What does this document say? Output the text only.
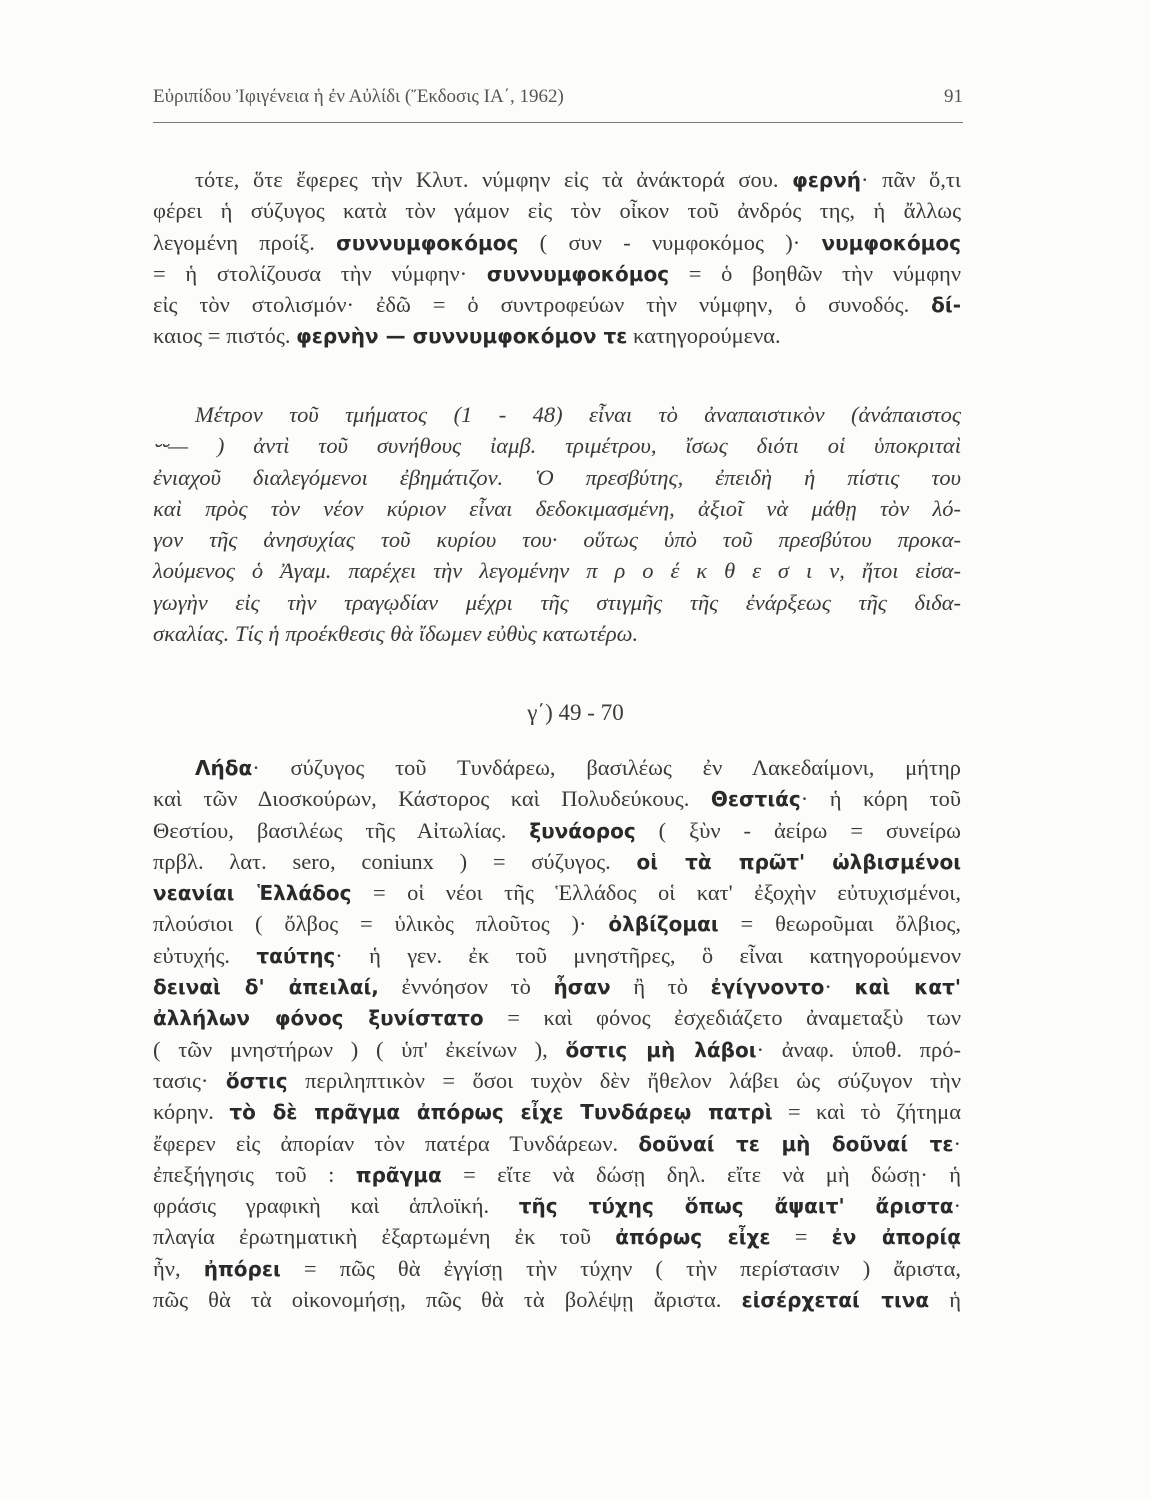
Εὐριπίδου Ἰφιγένεια ἡ ἐν Αὐλίδι (Ἔκδοσις ΙΑ΄, 1962)	91
τότε, ὅτε ἔφερες τὴν Κλυτ. νύμφην εἰς τὰ ἀνάκτορά σου. φερνή· πᾶν ὅ,τι
φέρει ἡ σύζυγος κατὰ τὸν γάμον εἰς τὸν οἶκον τοῦ ἀνδρός της, ἡ ἄλλως
λεγομένη προίξ. συννυμφοκόμος ( συν - νυμφοκόμος )· νυμφοκόμος
= ἡ στολίζουσα τὴν νύμφην· συννυμφοκόμος = ὁ βοηθῶν τὴν νύμφην
εἰς τὸν στολισμόν· ἐδῶ = ὁ συντροφεύων τὴν νύμφην, ὁ συνοδός. δί-
καιος = πιστός. φερνὴν — συννυμφοκόμον τε κατηγορούμενα.
Μέτρον τοῦ τμήματος (1 - 48) εἶναι τὸ ἀναπαιστικὸν (ἀνάπαιστος
⏑⏑— ) ἀντὶ τοῦ συνήθους ἰαμβ. τριμέτρου, ἴσως διότι οἱ ὑποκριταὶ
ἐνιαχοῦ διαλεγόμενοι ἐβημάτιζον. Ὁ πρεσβύτης, ἐπειδὴ ἡ πίστις του
καὶ πρὸς τὸν νέον κύριον εἶναι δεδοκιμασμένη, ἀξιοῖ νὰ μάθῃ τὸν λό-
γον τῆς ἀνησυχίας τοῦ κυρίου του· οὕτως ὑπὸ τοῦ πρεσβύτου προκα-
λούμενος ὁ Ἀγαμ. παρέχει τὴν λεγομένην π ρ ο έ κ θ ε σ ι ν, ἤτοι εἰσα-
γωγὴν εἰς τὴν τραγῳδίαν μέχρι τῆς στιγμῆς τῆς ἐνάρξεως τῆς διδα-
σκαλίας. Τίς ἡ προέκθεσις θὰ ἴδωμεν εὐθὺς κατωτέρω.
γ΄) 49 - 70
Λήδα· σύζυγος τοῦ Τυνδάρεω, βασιλέως ἐν Λακεδαίμονι, μήτηρ
καὶ τῶν Διοσκούρων, Κάστορος καὶ Πολυδεύκους. Θεστιάς· ἡ κόρη τοῦ
Θεστίου, βασιλέως τῆς Αἰτωλίας. ξυνάορος ( ξὺν - ἀείρω = συνείρω
πρβλ. λατ. sero, coniunx ) = σύζυγος. οἱ τὰ πρῶτ' ὠλβισμένοι
νεανίαι Ἑλλάδος = οἱ νέοι τῆς Ἑλλάδος οἱ κατ' ἐξοχὴν εὐτυχισμένοι,
πλούσιοι ( ὄλβος = ὑλικὸς πλοῦτος )· ὀλβίζομαι = θεωροῦμαι ὄλβιος,
εὐτυχής. ταύτης· ἡ γεν. ἐκ τοῦ μνηστῆρες, ὃ εἶναι κατηγορούμενον
δειναὶ δ' ἀπειλαί, ἐννόησον τὸ ἦσαν ἢ τὸ ἐγίγνοντο· καὶ κατ'
ἀλλήλων φόνος ξυνίστατο = καὶ φόνος ἐσχεδιάζετο ἀναμεταξὺ των
( τῶν μνηστήρων ) ( ὑπ' ἐκείνων ), ὅστις μὴ λάβοι· ἀναφ. ὑποθ. πρό-
τασις· ὅστις περιληπτικὸν = ὅσοι τυχὸν δὲν ἤθελον λάβει ὡς σύζυγον τὴν
κόρην. τὸ δὲ πρᾶγμα ἀπόρως εἶχε Τυνδάρεῳ πατρὶ = καὶ τὸ ζήτημα
ἔφερεν εἰς ἀπορίαν τὸν πατέρα Τυνδάρεων. δοῦναί τε μὴ δοῦναί τε·
ἐπεξήγησις τοῦ : πρᾶγμα = εἴτε νὰ δώσῃ δηλ. εἴτε νὰ μὴ δώσῃ· ἡ
φράσις γραφικὴ καὶ ἁπλοϊκή. τῆς τύχης ὅπως ἄψαιτ' ἄριστα·
πλαγία ἐρωτηματικὴ ἐξαρτωμένη ἐκ τοῦ ἀπόρως εἶχε = ἐν ἀπορίᾳ
ἦν, ἠπόρει = πῶς θὰ ἐγγίσῃ τὴν τύχην ( τὴν περίστασιν ) ἄριστα,
πῶς θὰ τὰ οἰκονομήσῃ, πῶς θὰ τὰ βολέψῃ ἄριστα. εἰσέρχεταί τινα ἡ
